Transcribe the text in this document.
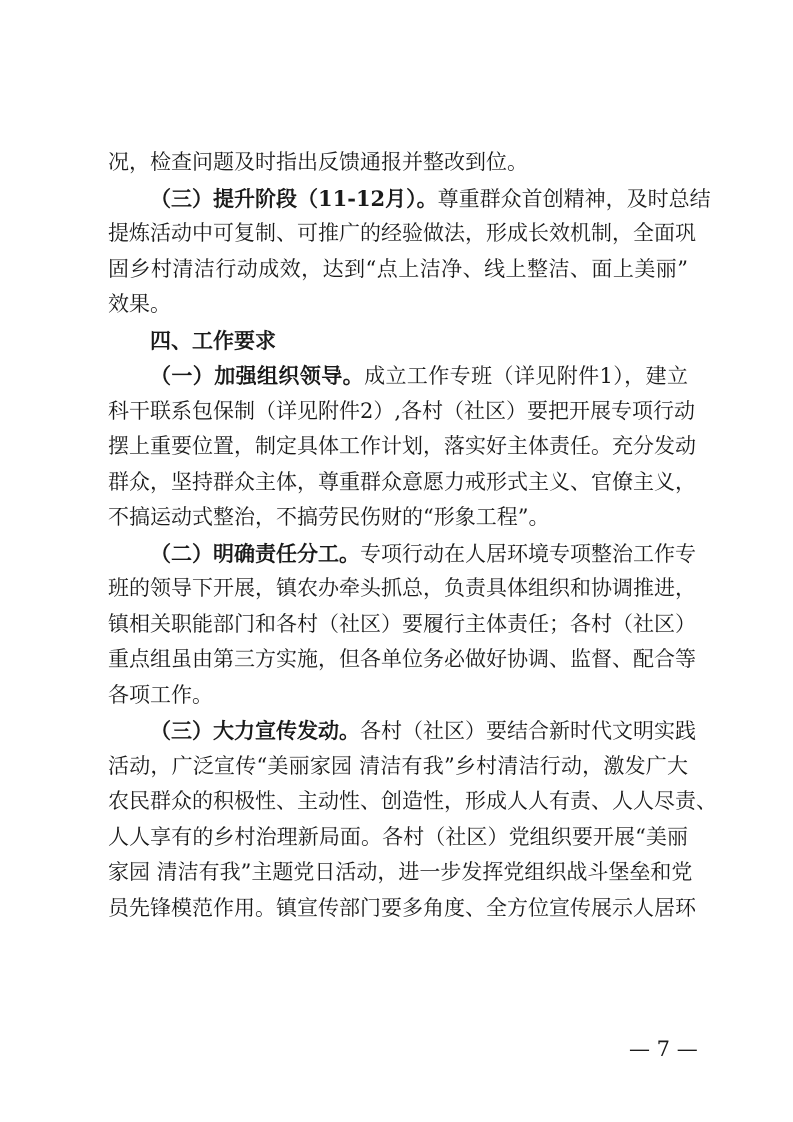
况，检查问题及时指出反馈通报并整改到位。
（三）提升阶段（11-12月）。尊重群众首创精神，及时总结
提炼活动中可复制、可推广的经验做法，形成长效机制，全面巩
固乡村清洁行动成效，达到“点上洁净、线上整洁、面上美丽”
效果。
四、工作要求
（一）加强组织领导。成立工作专班（详见附件1），建立
科干联系包保制（详见附件2）,各村（社区）要把开展专项行动
摆上重要位置，制定具体工作计划，落实好主体责任。充分发动
群众，坚持群众主体，尊重群众意愿力戒形式主义、官僚主义，
不搞运动式整治，不搞劳民伤财的“形象工程”。
（二）明确责任分工。专项行动在人居环境专项整治工作专
班的领导下开展，镇农办牵头抓总，负责具体组织和协调推进，
镇相关职能部门和各村（社区）要履行主体责任；各村（社区）
重点组虽由第三方实施，但各单位务必做好协调、监督、配合等
各项工作。
（三）大力宣传发动。各村（社区）要结合新时代文明实践
活动，广泛宣传“美丽家园 清洁有我”乡村清洁行动，激发广大
农民群众的积极性、主动性、创造性，形成人人有责、人人尽责、
人人享有的乡村治理新局面。各村（社区）党组织要开展“美丽
家园 清洁有我”主题党日活动，进一步发挥党组织战斗堡垒和党
员先锋模范作用。镇宣传部门要多角度、全方位宣传展示人居环
— 7 —
